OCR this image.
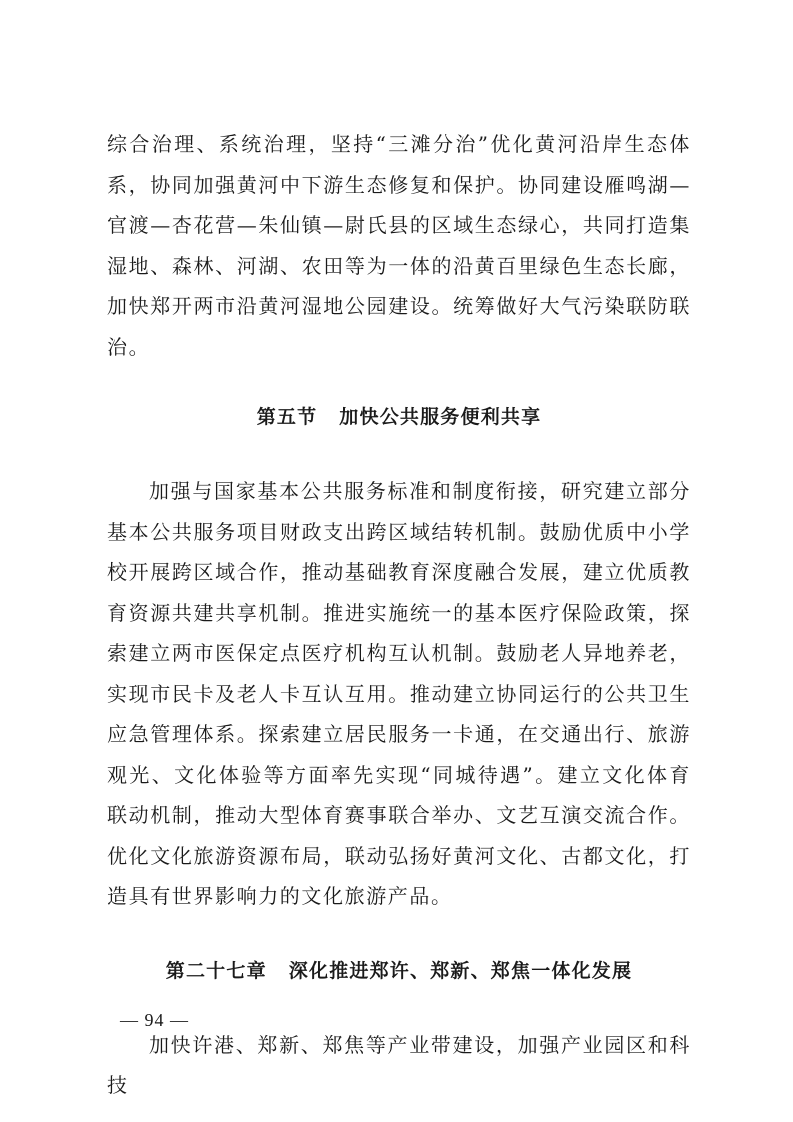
综合治理、系统治理，坚持“三滩分治”优化黄河沿岸生态体系，协同加强黄河中下游生态修复和保护。协同建设雁鸣湖—官渡—杏花营—朱仙镇—尉氏县的区域生态绿心，共同打造集湿地、森林、河湖、农田等为一体的沿黄百里绿色生态长廊，加快郑开两市沿黄河湿地公园建设。统筹做好大气污染联防联治。

第五节 加快公共服务便利共享

加强与国家基本公共服务标准和制度衔接，研究建立部分基本公共服务项目财政支出跨区域结转机制。鼓励优质中小学校开展跨区域合作，推动基础教育深度融合发展，建立优质教育资源共建共享机制。推进实施统一的基本医疗保险政策，探索建立两市医保定点医疗机构互认机制。鼓励老人异地养老，实现市民卡及老人卡互认互用。推动建立协同运行的公共卫生应急管理体系。探索建立居民服务一卡通，在交通出行、旅游观光、文化体验等方面率先实现“同城待遇”。建立文化体育联动机制，推动大型体育赛事联合举办、文艺互演交流合作。优化文化旅游资源布局，联动弘扬好黄河文化、古都文化，打造具有世界影响力的文化旅游产品。

第二十七章 深化推进郑许、郑新、郑焦一体化发展

加快许港、郑新、郑焦等产业带建设，加强产业园区和科技

— 94 —
